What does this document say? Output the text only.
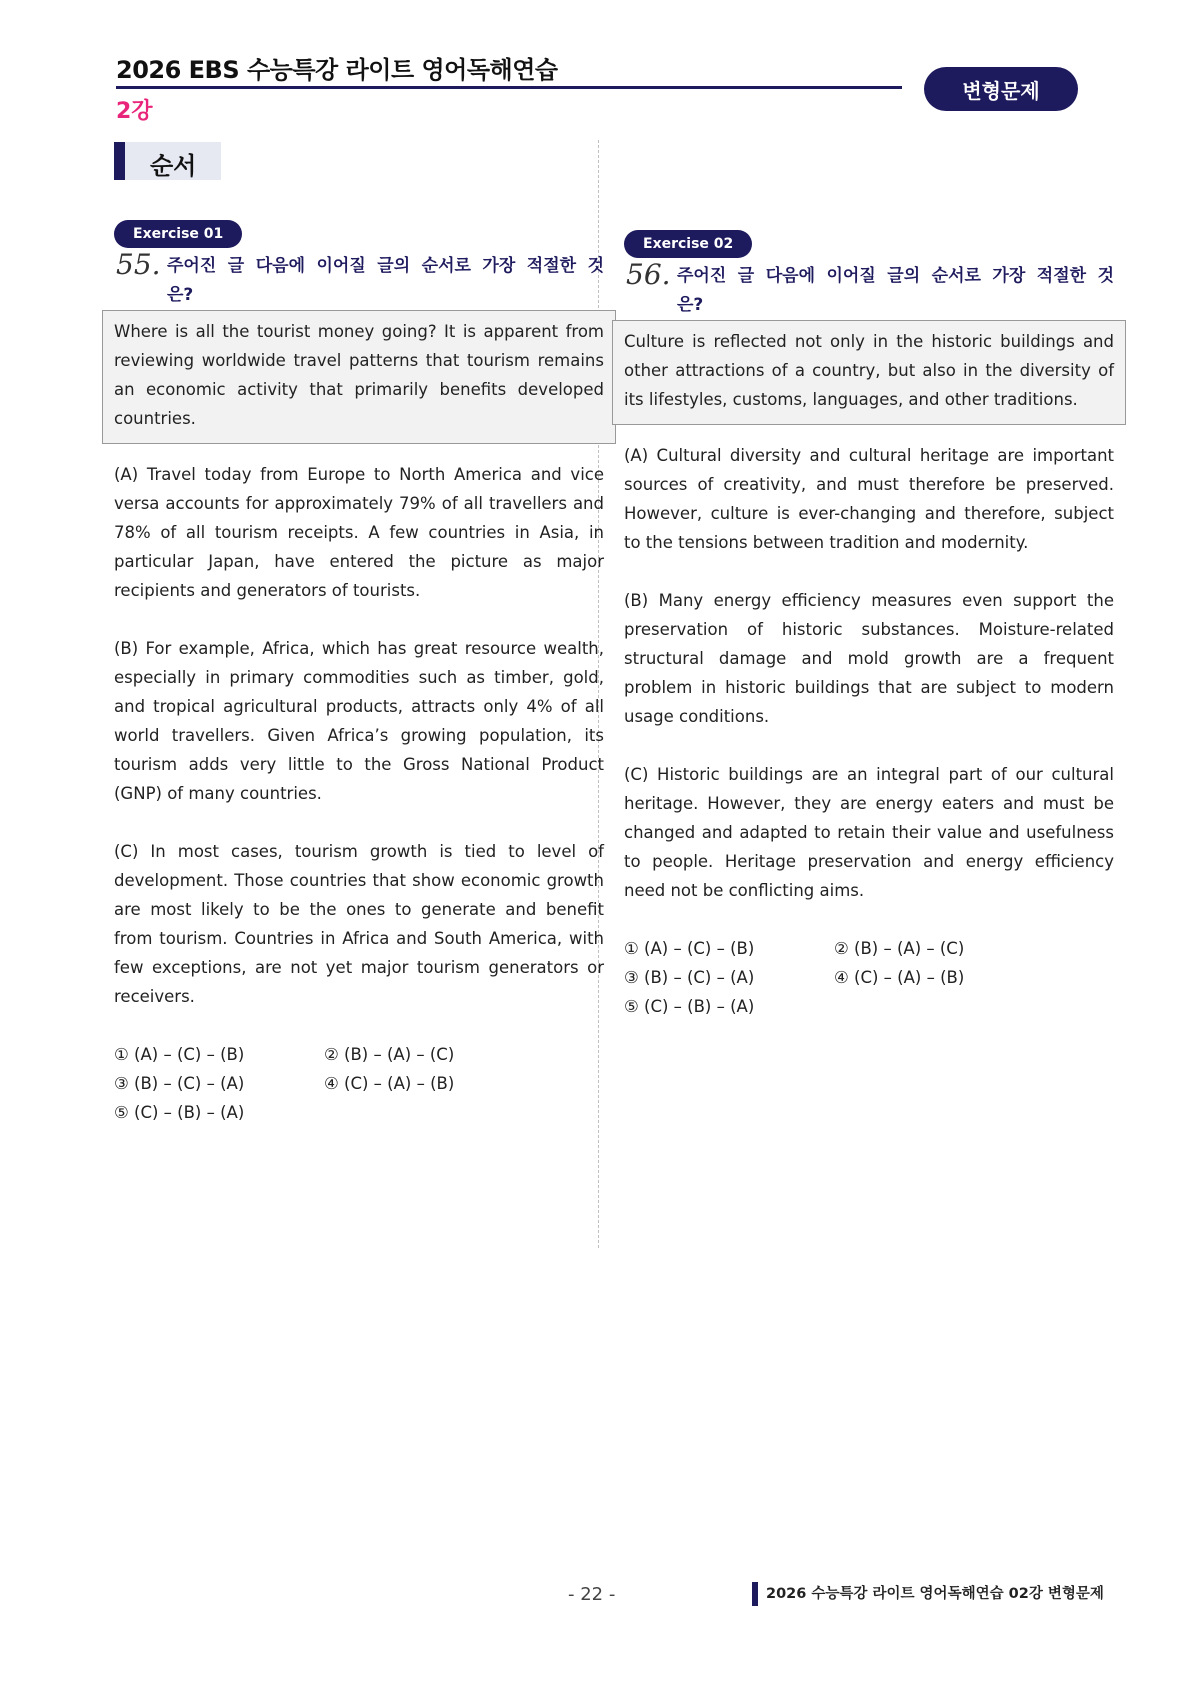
2026 EBS 수능특강 라이트 영어독해연습
2강
변형문제
순서
Exercise 01
55. 주어진 글 다음에 이어질 글의 순서로 가장 적절한 것
은?

Where is all the tourist money going? It is apparent from reviewing worldwide travel patterns that tourism remains an economic activity that primarily benefits developed countries.

(A) Travel today from Europe to North America and vice versa accounts for approximately 79% of all travellers and 78% of all tourism receipts. A few countries in Asia, in particular Japan, have entered the picture as major recipients and generators of tourists.

(B) For example, Africa, which has great resource wealth, especially in primary commodities such as timber, gold, and tropical agricultural products, attracts only 4% of all world travellers. Given Africa’s growing population, its tourism adds very little to the Gross National Product (GNP) of many countries.

(C) In most cases, tourism growth is tied to level of development. Those countries that show economic growth are most likely to be the ones to generate and benefit from tourism. Countries in Africa and South America, with few exceptions, are not yet major tourism generators or receivers.

① (A) – (C) – (B)	② (B) – (A) – (C)
③ (B) – (C) – (A)	④ (C) – (A) – (B)
⑤ (C) – (B) – (A)
Exercise 02
56. 주어진 글 다음에 이어질 글의 순서로 가장 적절한 것
은?

Culture is reflected not only in the historic buildings and other attractions of a country, but also in the diversity of its lifestyles, customs, languages, and other traditions.

(A) Cultural diversity and cultural heritage are important sources of creativity, and must therefore be preserved. However, culture is ever-changing and therefore, subject to the tensions between tradition and modernity.

(B) Many energy efficiency measures even support the preservation of historic substances. Moisture-related structural damage and mold growth are a frequent problem in historic buildings that are subject to modern usage conditions.

(C) Historic buildings are an integral part of our cultural heritage. However, they are energy eaters and must be changed and adapted to retain their value and usefulness to people. Heritage preservation and energy efficiency need not be conflicting aims.

① (A) – (C) – (B)	② (B) – (A) – (C)
③ (B) – (C) – (A)	④ (C) – (A) – (B)
⑤ (C) – (B) – (A)
- 22 -	2026 수능특강 라이트 영어독해연습 02강 변형문제
